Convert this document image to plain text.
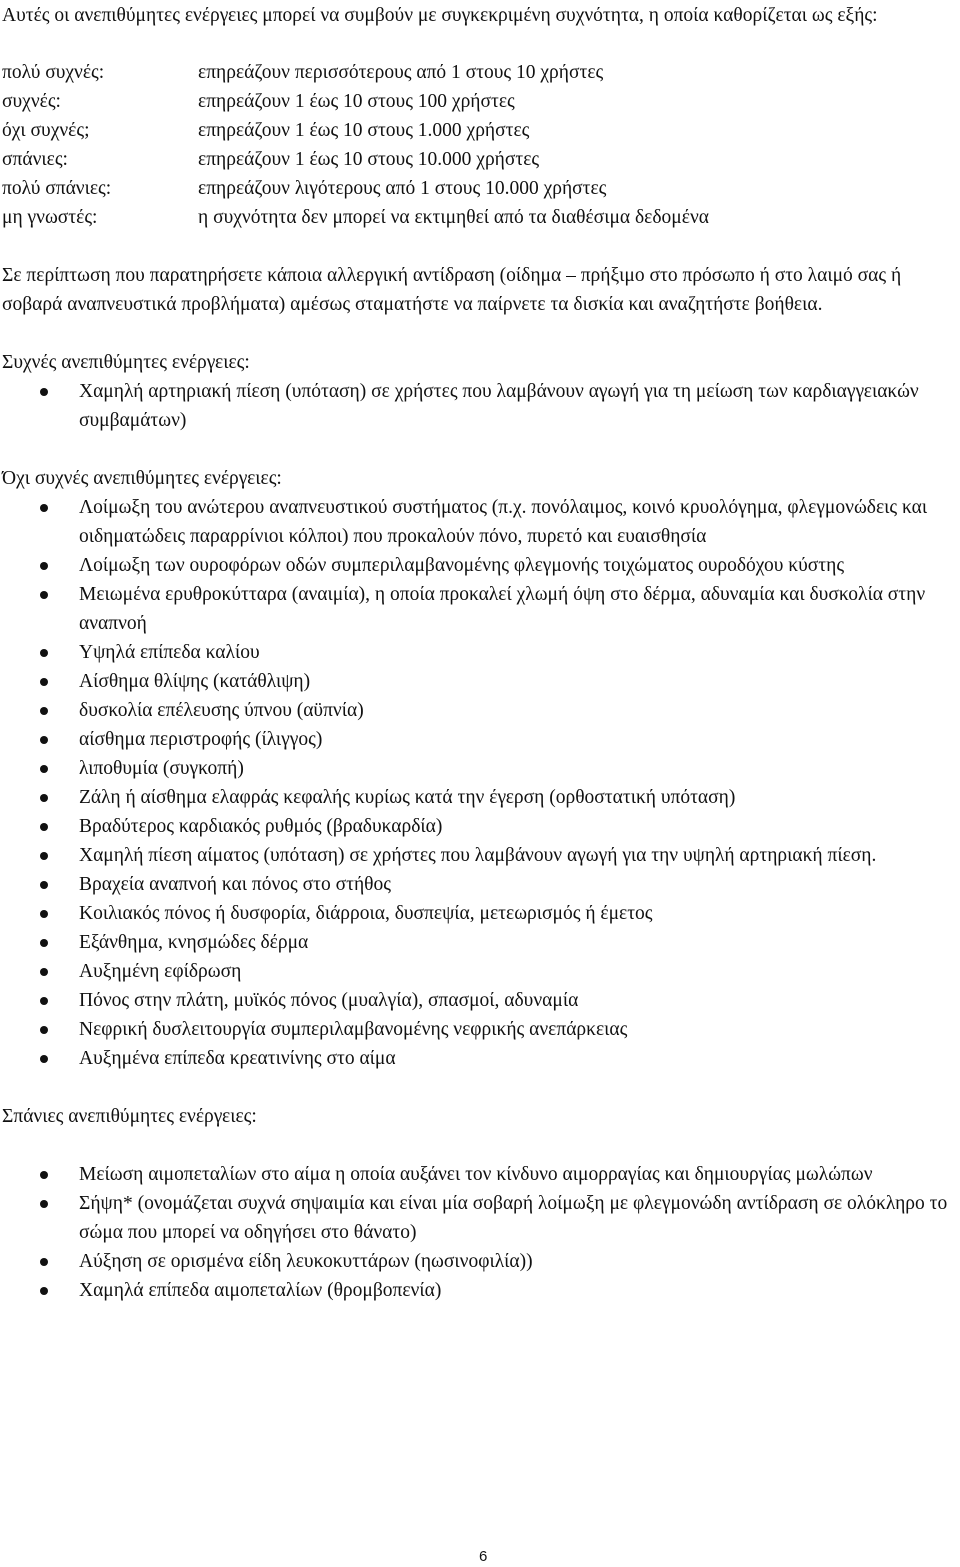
Αυτές οι ανεπιθύμητες ενέργειες μπορεί να συμβούν με συγκεκριμένη συχνότητα, η οποία καθορίζεται ως εξής:

πολύ συχνές:	επηρεάζουν περισσότερους από 1 στους 10 χρήστες
συχνές:	επηρεάζουν 1 έως 10 στους 100 χρήστες
όχι συχνές;	επηρεάζουν 1 έως 10 στους 1.000 χρήστες
σπάνιες:	επηρεάζουν 1 έως 10 στους 10.000 χρήστες
πολύ σπάνιες:	επηρεάζουν λιγότερους από 1 στους 10.000 χρήστες
μη γνωστές:	η συχνότητα δεν μπορεί να εκτιμηθεί από τα διαθέσιμα δεδομένα

Σε περίπτωση που παρατηρήσετε κάποια αλλεργική αντίδραση (οίδημα – πρήξιμο στο πρόσωπο ή στο λαιμό σας ή σοβαρά αναπνευστικά προβλήματα) αμέσως σταματήστε να παίρνετε τα δισκία και αναζητήστε βοήθεια.

Συχνές ανεπιθύμητες ενέργειες:

Χαμηλή αρτηριακή πίεση (υπόταση) σε χρήστες που λαμβάνουν αγωγή για τη μείωση των καρδιαγγειακών συμβαμάτων)

Όχι συχνές ανεπιθύμητες ενέργειες:

Λοίμωξη του ανώτερου αναπνευστικού συστήματος (π.χ. πονόλαιμος, κοινό κρυολόγημα, φλεγμονώδεις και οιδηματώδεις παραρρίνιοι κόλποι) που προκαλούν πόνο, πυρετό και ευαισθησία
Λοίμωξη των ουροφόρων οδών συμπεριλαμβανομένης φλεγμονής τοιχώματος ουροδόχου κύστης
Μειωμένα ερυθροκύτταρα (αναιμία), η οποία προκαλεί χλωμή όψη στο δέρμα, αδυναμία και δυσκολία στην αναπνοή
Υψηλά επίπεδα καλίου
Αίσθημα θλίψης (κατάθλιψη)
δυσκολία επέλευσης ύπνου (αϋπνία)
αίσθημα περιστροφής (ίλιγγος)
λιποθυμία (συγκοπή)
Ζάλη ή αίσθημα ελαφράς κεφαλής κυρίως κατά την έγερση (ορθοστατική υπόταση)
Βραδύτερος καρδιακός ρυθμός (βραδυκαρδία)
Χαμηλή πίεση αίματος (υπόταση) σε χρήστες που λαμβάνουν αγωγή για την υψηλή αρτηριακή πίεση.
Βραχεία αναπνοή και πόνος στο στήθος
Κοιλιακός πόνος ή δυσφορία, διάρροια, δυσπεψία, μετεωρισμός ή έμετος
Εξάνθημα, κνησμώδες δέρμα
Αυξημένη εφίδρωση
Πόνος στην πλάτη, μυϊκός πόνος (μυαλγία), σπασμοί, αδυναμία
Νεφρική δυσλειτουργία συμπεριλαμβανομένης νεφρικής ανεπάρκειας
Αυξημένα επίπεδα κρεατινίνης στο αίμα

Σπάνιες ανεπιθύμητες ενέργειες:

Μείωση αιμοπεταλίων στο αίμα η οποία αυξάνει τον κίνδυνο αιμορραγίας και δημιουργίας μωλώπων
Σήψη* (ονομάζεται συχνά σηψαιμία και είναι μία σοβαρή λοίμωξη με φλεγμονώδη αντίδραση σε ολόκληρο το σώμα που μπορεί να οδηγήσει στο θάνατο)
Αύξηση σε ορισμένα είδη λευκοκυττάρων (ηωσινοφιλία))
Χαμηλά επίπεδα αιμοπεταλίων (θρομβοπενία)
6
